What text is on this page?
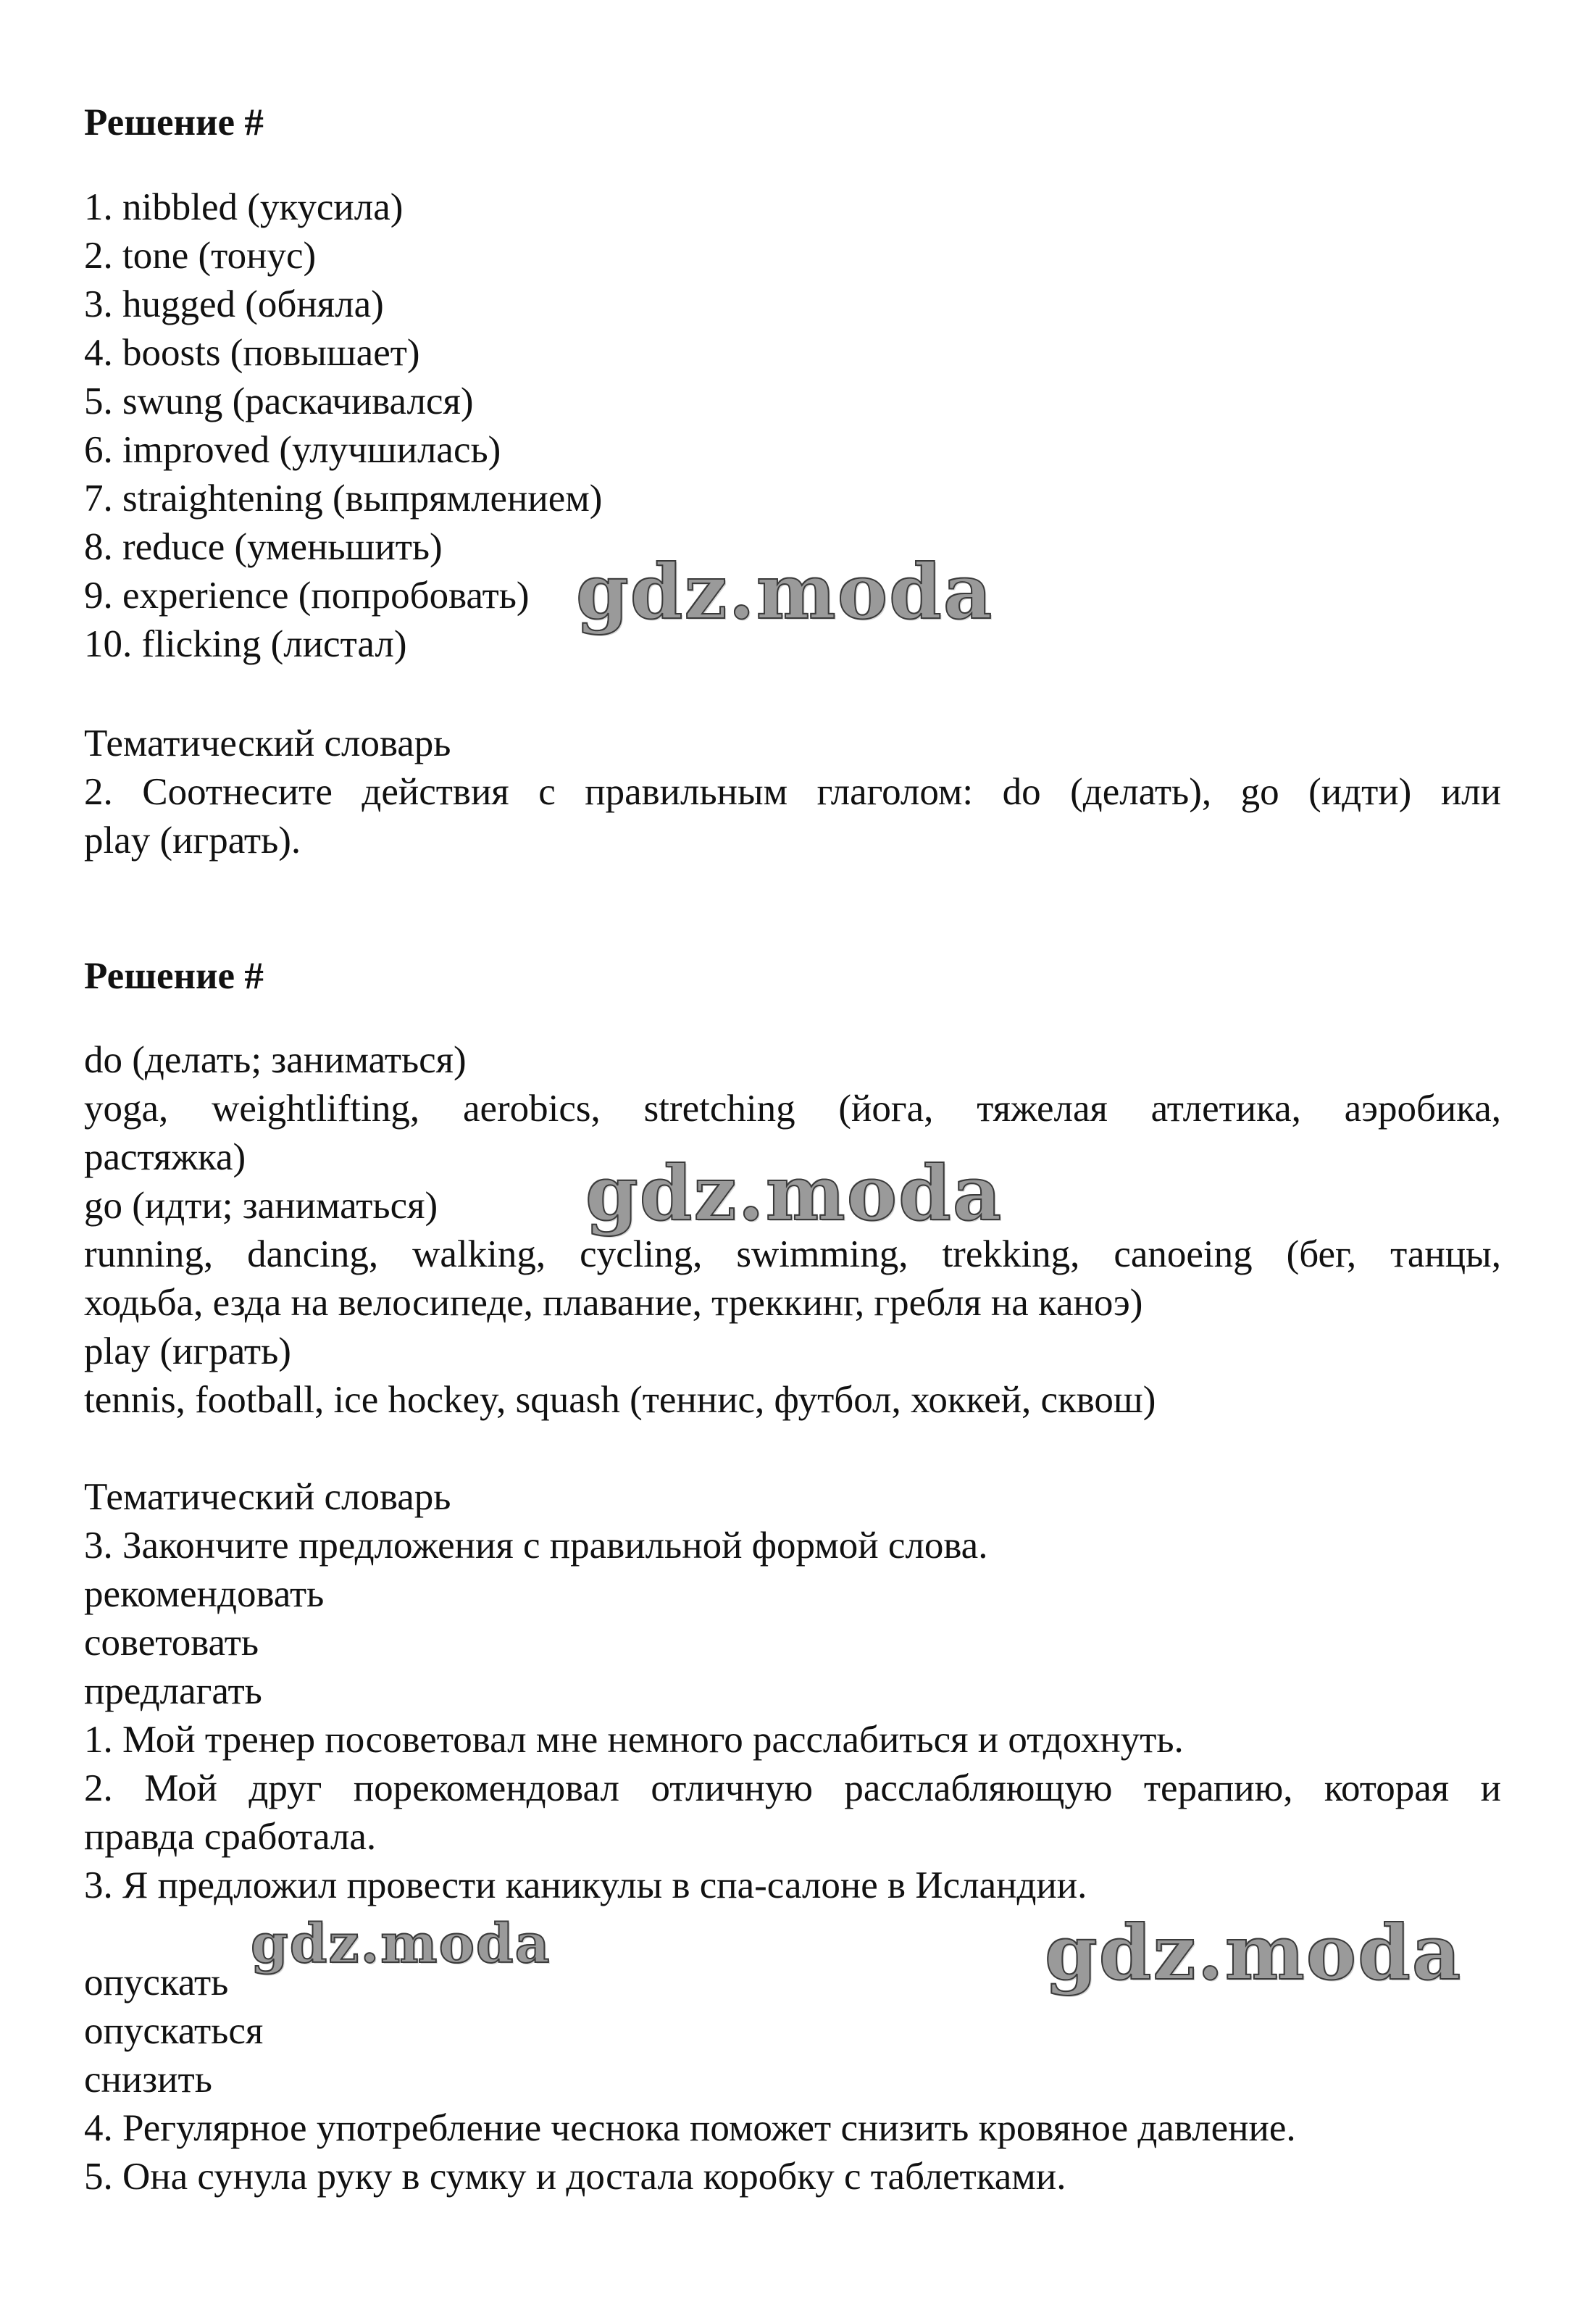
Решение #
1. nibbled (укусила)
2. tone (тонус)
3. hugged (обняла)
4. boosts (повышает)
5. swung (раскачивался)
6. improved (улучшилась)
7. straightening (выпрямлением)
8. reduce (уменьшить)
9. experience (попробовать)
10. flicking (листал)
Тематический словарь
2. Соотнесите действия с правильным глаголом: do (делать), go (идти) или
play (играть).
Решение #
do (делать; заниматься)
yoga, weightlifting, aerobics, stretching (йога, тяжелая атлетика, аэробика,
растяжка)
go (идти; заниматься)
running, dancing, walking, cycling, swimming, trekking, canoeing (бег, танцы,
ходьба, езда на велосипеде, плавание, треккинг, гребля на каноэ)
play (играть)
tennis, football, ice hockey, squash (теннис, футбол, хоккей, сквош)
Тематический словарь
3. Закончите предложения с правильной формой слова.
рекомендовать
советовать
предлагать
1. Мой тренер посоветовал мне немного расслабиться и отдохнуть.
2. Мой друг порекомендовал отличную расслабляющую терапию, которая и
правда сработала.
3. Я предложил провести каникулы в спа-салоне в Исландии.
опускать
опускаться
снизить
4. Регулярное употребление чеснока поможет снизить кровяное давление.
5. Она сунула руку в сумку и достала коробку с таблетками.
gdz.moda
gdz.moda
gdz.moda	gdz.moda
